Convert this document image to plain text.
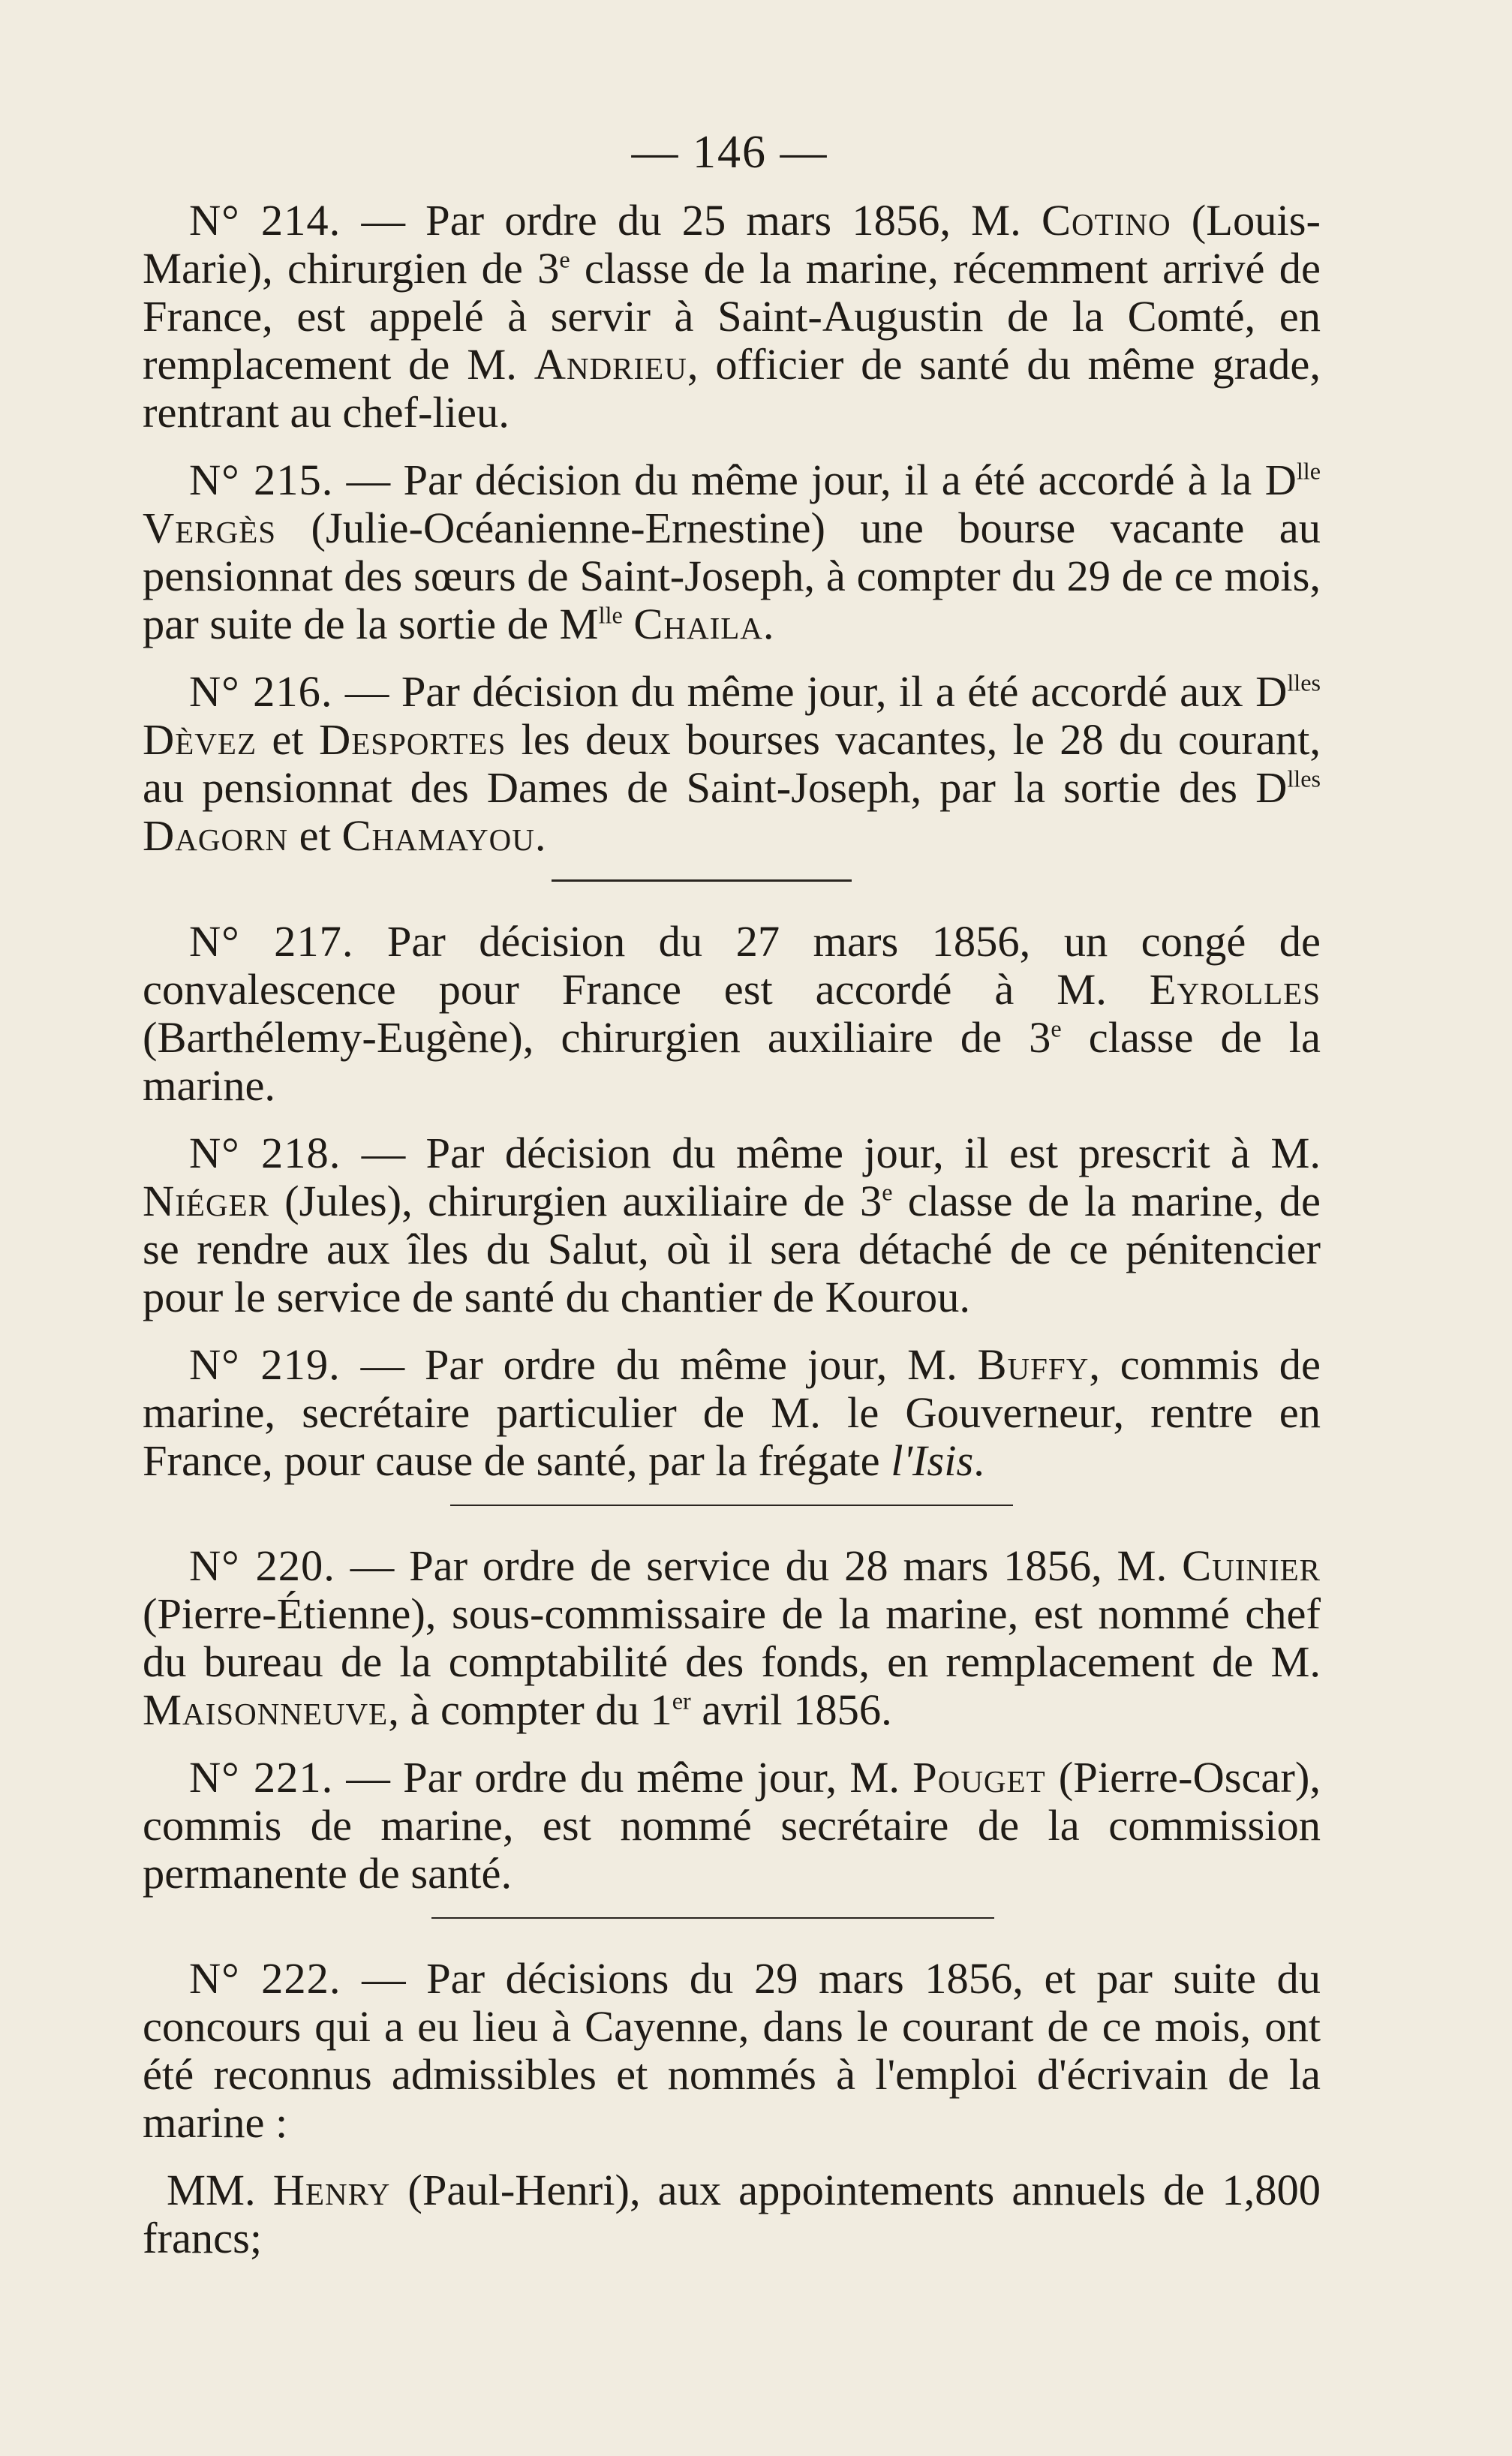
— 146 —

N° 214. — Par ordre du 25 mars 1856, M. Cotino (Louis-Marie), chirurgien de 3e classe de la marine, récemment arrivé de France, est appelé à servir à Saint-Augustin de la Comté, en remplacement de M. Andrieu, officier de santé du même grade, rentrant au chef-lieu.

N° 215. — Par décision du même jour, il a été accordé à la $D^{lle}$ Vergès (Julie-Océanienne-Ernestine) une bourse vacante au pensionnat des sœurs de Saint-Joseph, à compter du 29 de ce mois, par suite de la sortie de $M^{lle}$ Chaila.

N° 216. — Par décision du même jour, il a été accordé aux $D^{lles}$ Dèvez et Desportes les deux bourses vacantes, le 28 du courant, au pensionnat des Dames de Saint-Joseph, par la sortie des $D^{lles}$ Dagorn et Chamayou.

N° 217. Par décision du 27 mars 1856, un congé de convalescence pour France est accordé à M. Eyrolles (Barthélemy-Eugène), chirurgien auxiliaire de 3e classe de la marine.

N° 218. — Par décision du même jour, il est prescrit à M. Niéger (Jules), chirurgien auxiliaire de 3e classe de la marine, de se rendre aux îles du Salut, où il sera détaché de ce pénitencier pour le service de santé du chantier de Kourou.

N° 219. — Par ordre du même jour, M. Buffy, commis de marine, secrétaire particulier de M. le Gouverneur, rentre en France, pour cause de santé, par la frégate l'Isis.

N° 220. — Par ordre de service du 28 mars 1856, M. Cuinier (Pierre-Étienne), sous-commissaire de la marine, est nommé chef du bureau de la comptabilité des fonds, en remplacement de M. Maisonneuve, à compter du 1er avril 1856.

N° 221. — Par ordre du même jour, M. Pouget (Pierre-Oscar), commis de marine, est nommé secrétaire de la commission permanente de santé.

N° 222. — Par décisions du 29 mars 1856, et par suite du concours qui a eu lieu à Cayenne, dans le courant de ce mois, ont été reconnus admissibles et nommés à l'emploi d'écrivain de la marine :

MM. Henry (Paul-Henri), aux appointements annuels de 1,800 francs;
